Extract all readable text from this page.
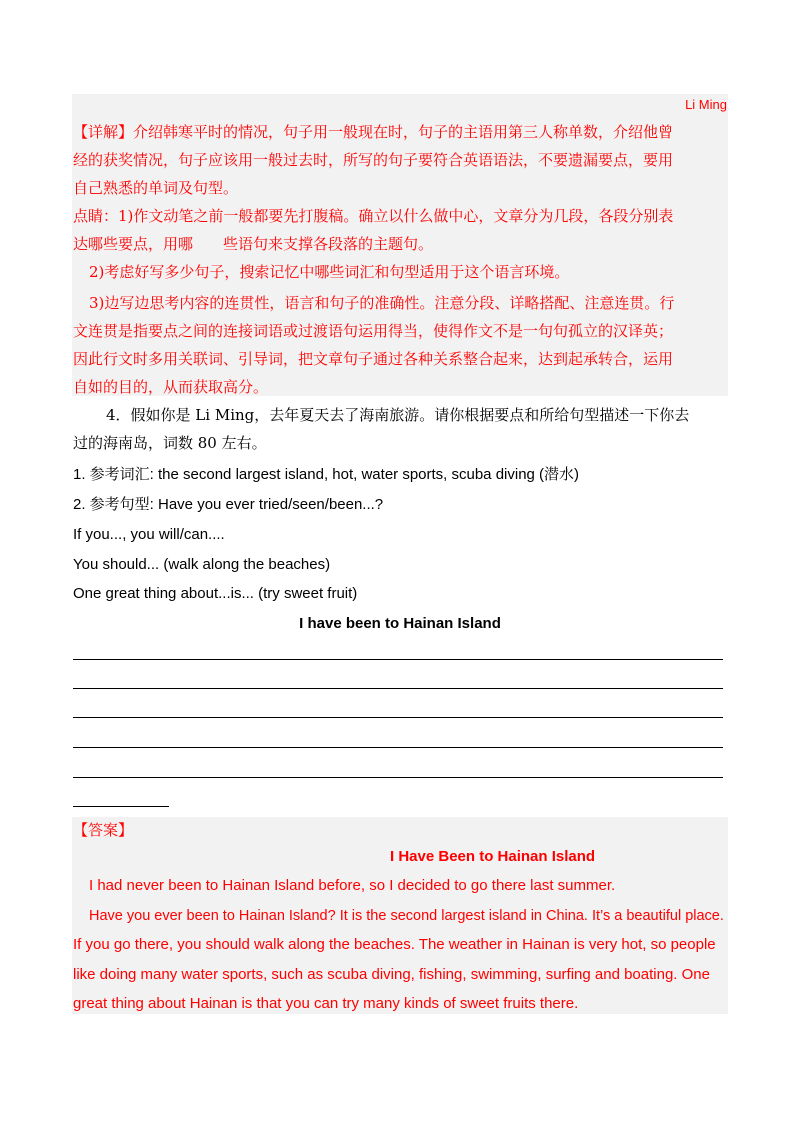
Li Ming
【详解】介绍韩寒平时的情况，句子用一般现在时，句子的主语用第三人称单数，介绍他曾
经的获奖情况，句子应该用一般过去时，所写的句子要符合英语语法，不要遗漏要点，要用
自己熟悉的单词及句型。
点睛：1)作文动笔之前一般都要先打腹稿。确立以什么做中心，文章分为几段，各段分别表
达哪些要点，用哪　　些语句来支撑各段落的主题句。
2)考虑好写多少句子，搜索记忆中哪些词汇和句型适用于这个语言环境。
3)边写边思考内容的连贯性，语言和句子的准确性。注意分段、详略搭配、注意连贯。行
文连贯是指要点之间的连接词语或过渡语句运用得当，使得作文不是一句句孤立的汉译英；
因此行文时多用关联词、引导词，把文章句子通过各种关系整合起来，达到起承转合，运用
自如的目的，从而获取高分。
4．假如你是 Li Ming，去年夏天去了海南旅游。请你根据要点和所给句型描述一下你去
过的海南岛，词数 80 左右。
1. 参考词汇: the second largest island, hot, water sports, scuba diving (潜水)
2. 参考句型: Have you ever tried/seen/been...?
If you..., you will/can....
You should... (walk along the beaches)
One great thing about...is... (try sweet fruit)
I have been to Hainan Island
【答案】
I Have Been to Hainan Island
I had never been to Hainan Island before, so I decided to go there last summer.
Have you ever been to Hainan Island? It is the second largest island in China. It’s a beautiful place.
If you go there, you should walk along the beaches. The weather in Hainan is very hot, so people
like doing many water sports, such as scuba diving, fishing, swimming, surfing and boating. One
great thing about Hainan is that you can try many kinds of sweet fruits there.
